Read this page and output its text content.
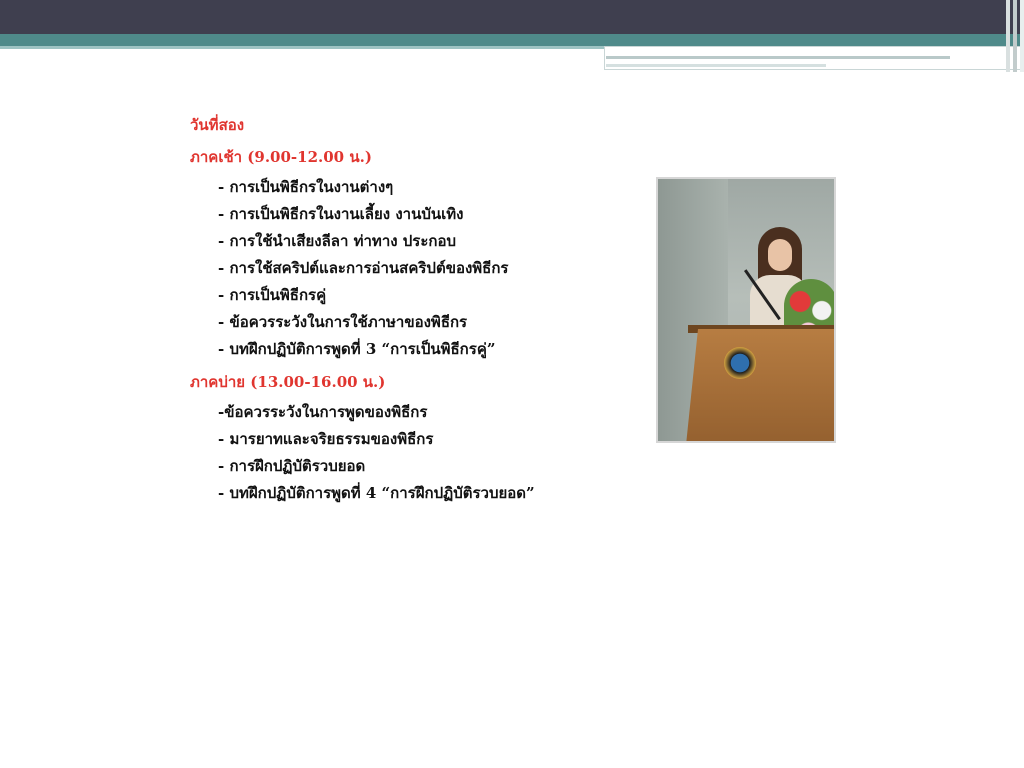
วันที่สอง
ภาคเช้า (9.00-12.00 น.)
- การเป็นพิธีกรในงานต่างๆ
- การเป็นพิธีกรในงานเลี้ยง งานบันเทิง
- การใช้นำเสียงลีลา ท่าทาง ประกอบ
- การใช้สคริปต์และการอ่านสคริปต์ของพิธีกร
- การเป็นพิธีกรคู่
- ข้อควรระวังในการใช้ภาษาของพิธีกร
- บทฝึกปฏิบัติการพูดที่ 3 “การเป็นพิธีกรคู่”
ภาคบ่าย (13.00-16.00 น.)
-ข้อควรระวังในการพูดของพิธีกร
- มารยาทและจริยธรรมของพิธีกร
- การฝึกปฏิบัติรวบยอด
- บทฝึกปฏิบัติการพูดที่ 4 “การฝึกปฏิบัติรวบยอด”
